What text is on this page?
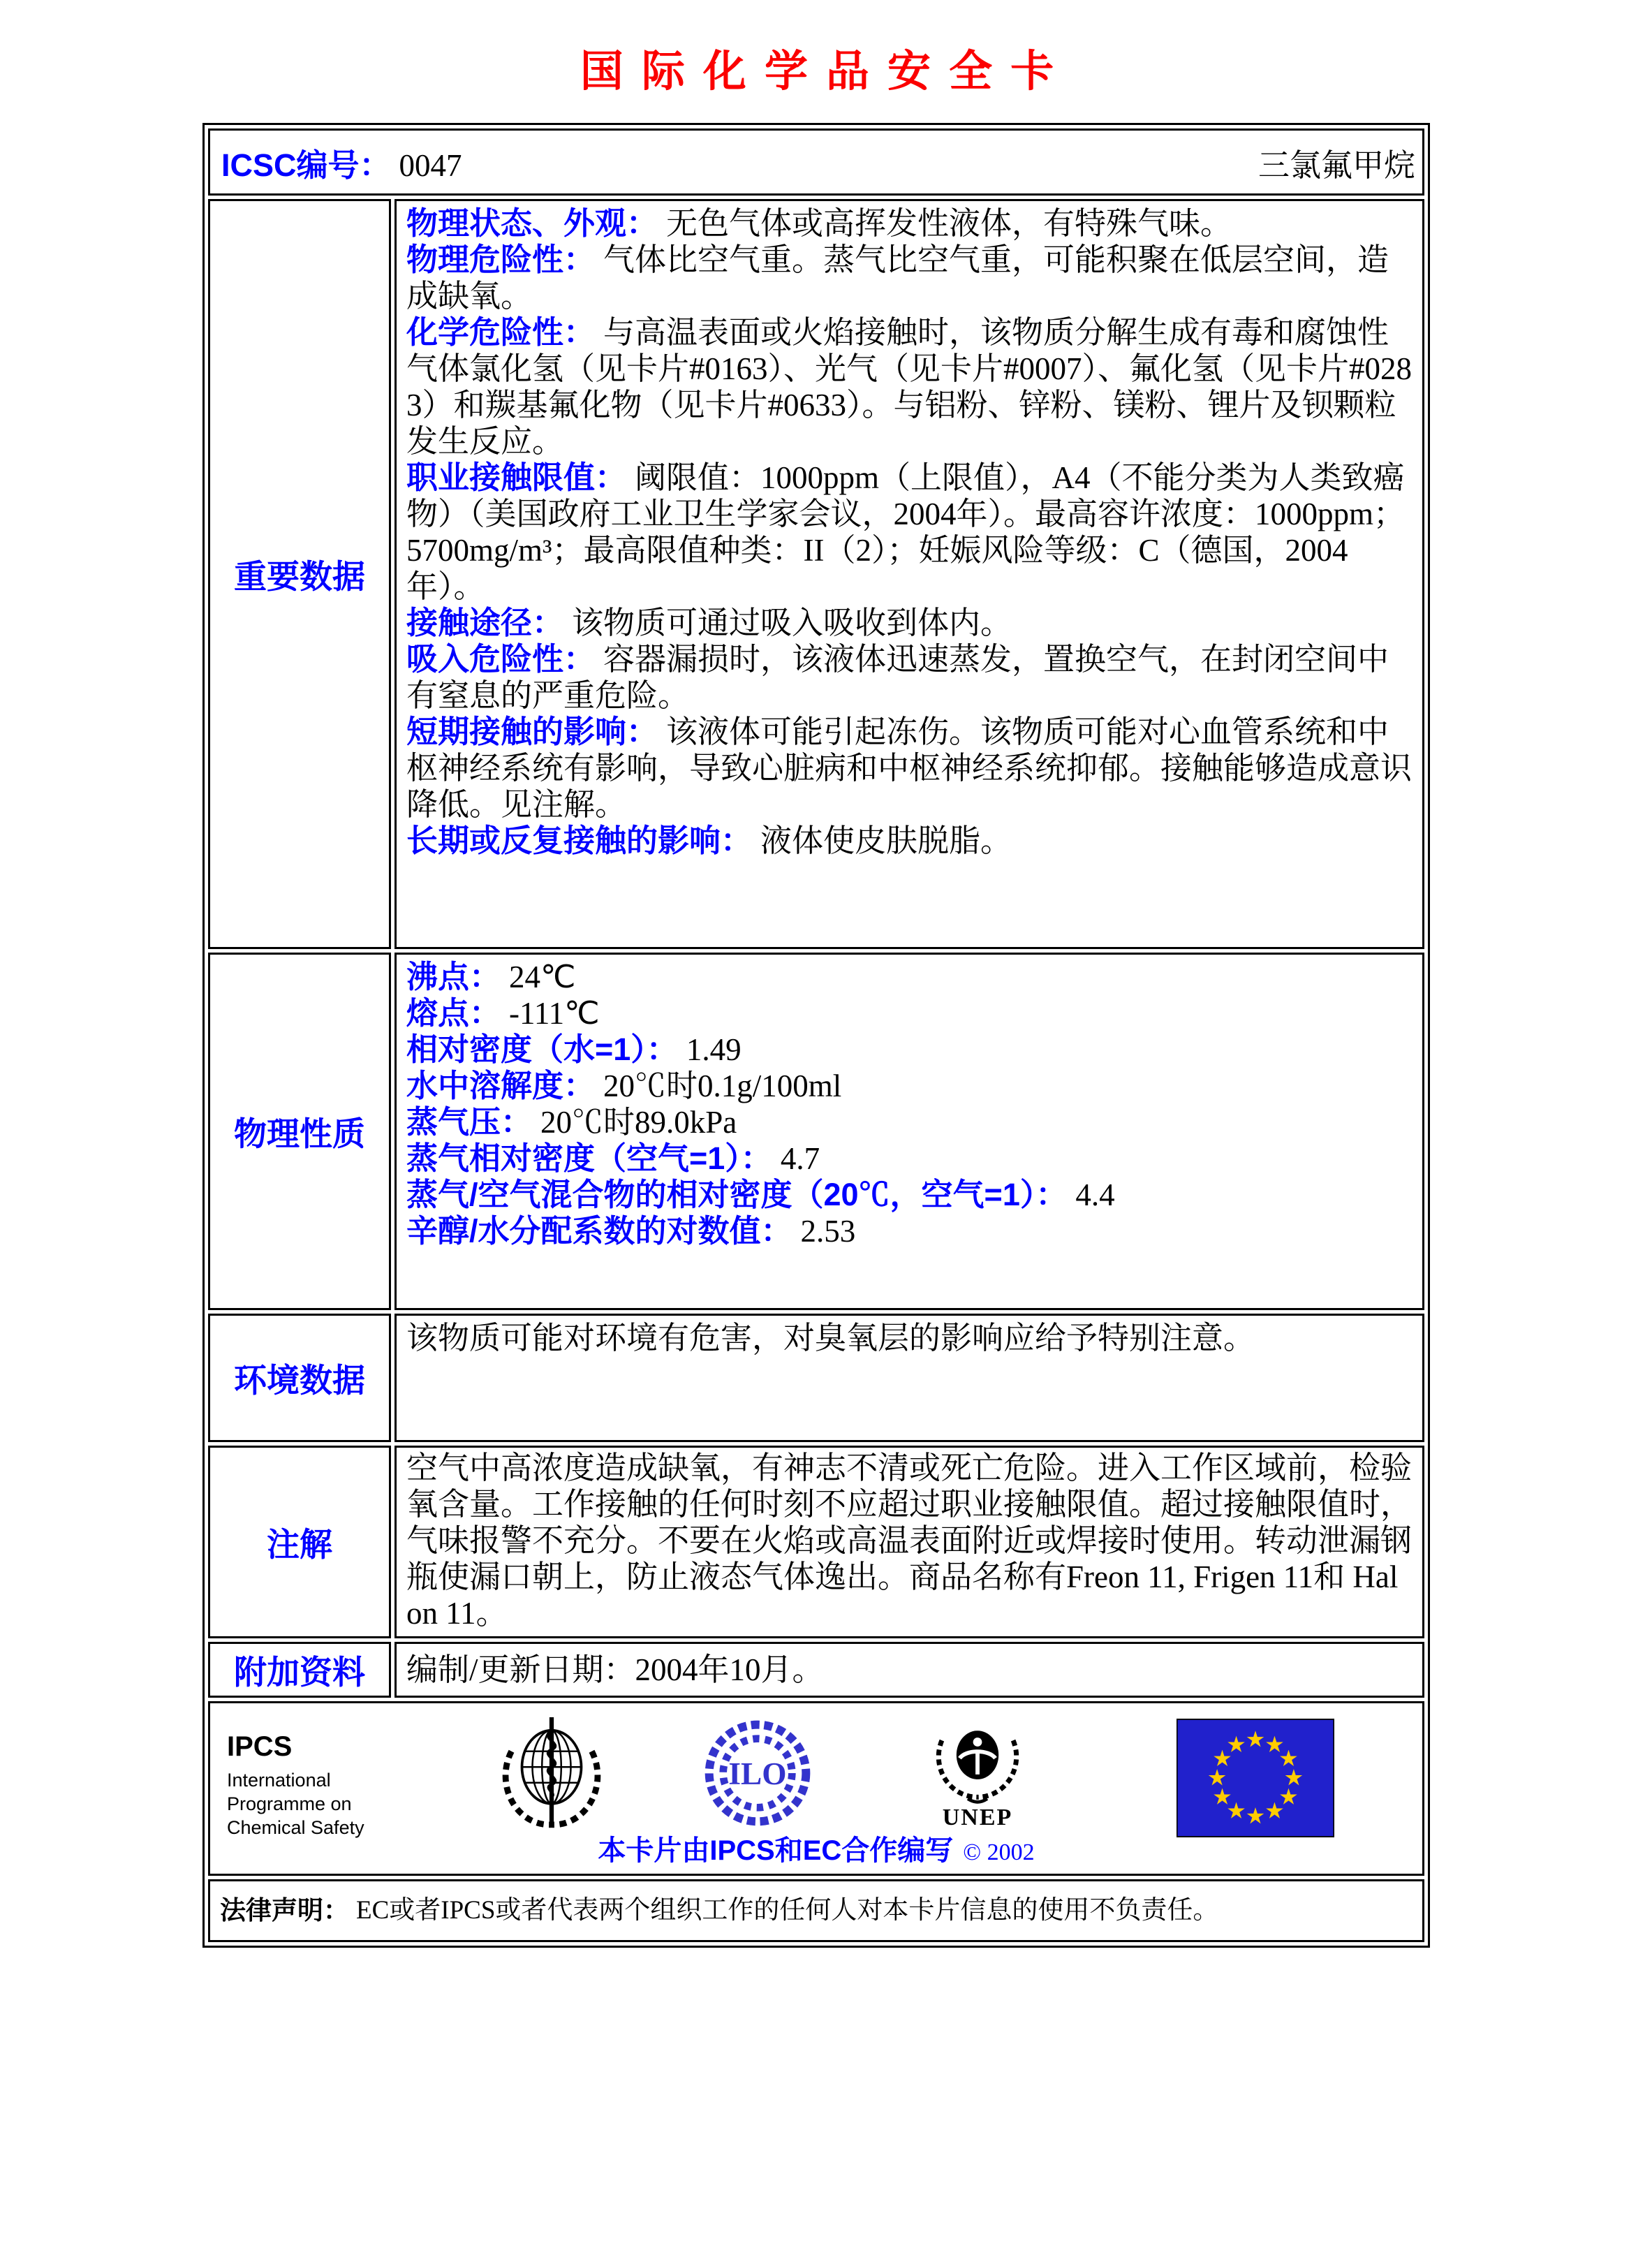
国际化学品安全卡
ICSC编号： 0047	三氯氟甲烷
重要数据

物理状态、外观： 无色气体或高挥发性液体，有特殊气味。

物理危险性： 气体比空气重。蒸气比空气重，可能积聚在低层空间，造成缺氧。

化学危险性： 与高温表面或火焰接触时，该物质分解生成有毒和腐蚀性气体氯化氢（见卡片#0163）、光气（见卡片#0007）、氟化氢（见卡片#0283）和羰基氟化物（见卡片#0633）。与铝粉、锌粉、镁粉、锂片及钡颗粒发生反应。

职业接触限值： 阈限值：1000ppm（上限值），A4（不能分类为人类致癌物）（美国政府工业卫生学家会议，2004年）。最高容许浓度：1000ppm；5700mg/m³；最高限值种类：II（2）；妊娠风险等级：C（德国，2004年）。

接触途径： 该物质可通过吸入吸收到体内。

吸入危险性： 容器漏损时，该液体迅速蒸发，置换空气，在封闭空间中有窒息的严重危险。

短期接触的影响： 该液体可能引起冻伤。该物质可能对心血管系统和中枢神经系统有影响，导致心脏病和中枢神经系统抑郁。接触能够造成意识降低。见注解。

长期或反复接触的影响： 液体使皮肤脱脂。

物理性质

沸点： 24℃

熔点： -111℃

相对密度（水=1）： 1.49

水中溶解度： 20℃时0.1g/100ml

蒸气压： 20℃时89.0kPa

蒸气相对密度（空气=1）： 4.7

蒸气/空气混合物的相对密度（20℃，空气=1）： 4.4

辛醇/水分配系数的对数值： 2.53

环境数据

该物质可能对环境有危害，对臭氧层的影响应给予特别注意。

注解

空气中高浓度造成缺氧，有神志不清或死亡危险。进入工作区域前，检验氧含量。工作接触的任何时刻不应超过职业接触限值。超过接触限值时，气味报警不充分。不要在火焰或高温表面附近或焊接时使用。转动泄漏钢瓶使漏口朝上，防止液态气体逸出。商品名称有Freon 11, Frigen 11和 Halon 11。

附加资料	编制/更新日期：2004年10月。

IPCS
International
Programme on
Chemical Safety
ILO
UNEP
本卡片由IPCS和EC合作编写 © 2002
法律声明： EC或者IPCS或者代表两个组织工作的任何人对本卡片信息的使用不负责任。
